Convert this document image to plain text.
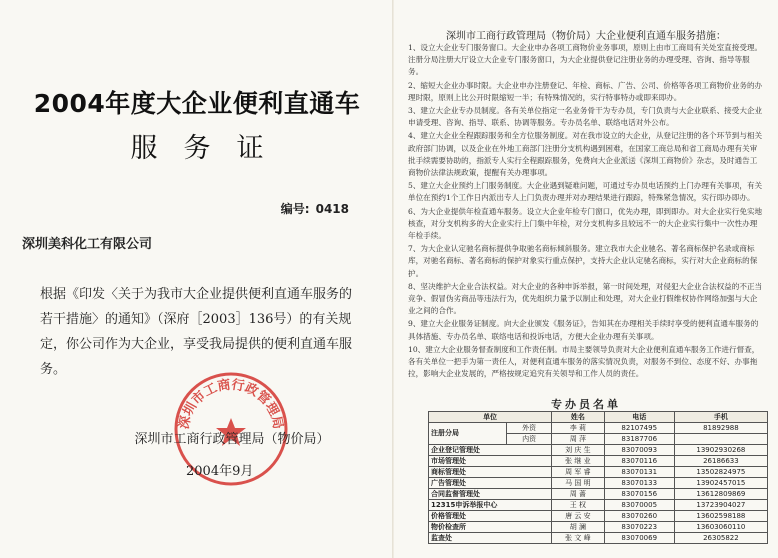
2004年度大企业便利直通车
服务证
编号: 0418
深圳美科化工有限公司
根据《印发〈关于为我市大企业提供便利直通车服务的若干措施〉的通知》（深府［2003］136号）的有关规定，你公司作为大企业，享受我局提供的便利直通车服务。
深圳市工商行政管理局
深圳市工商行政管理局（物价局）
2004年9月
深圳市工商行政管理局（物价局）大企业便利直通车服务措施：

1、设立大企业专门服务窗口。大企业申办各项工商物价业务事项，原则上由市工商局有关处室直接受理。注册分局注册大厅设立大企业专门服务窗口，为大企业提供登记注册业务的办理受理、咨询、指导等服务。

2、缩短大企业办事时限。大企业申办注册登记、年检、商标、广告、公司、价格等各项工商物价业务的办理时限，原则上比公开时限缩短一半；有特殊情况的，实行特事特办或即来即办。

3、建立大企业专办员制度。各有关单位指定一名业务骨干为专办员，专门负责与大企业联系、接受大企业申请受理、咨询、指导、联系、协调等服务。专办员名单、联络电话对外公布。

4、建立大企业全程跟踪服务和全方位服务制度。对在我市设立的大企业，从登记注册的各个环节到与相关政府部门协调，以及企业在外地工商部门注册分支机构遇到困难，在国家工商总局和省工商局办理有关审批手续需要协助的，指派专人实行全程跟踪服务，免费向大企业派送《深圳工商物价》杂志，及时通告工商物价法律法规政策，提醒有关办理事项。

5、建立大企业预约上门服务制度。大企业遇到疑难问题，可通过专办员电话预约上门办理有关事项，有关单位在预约1个工作日内派出专人上门负责办理并对办理结果进行跟踪，特殊紧急情况，实行即办即办。

6、为大企业提供年检直通车服务。设立大企业年检专门窗口，优先办理，即到即办。对大企业实行免实地核查，对分支机构多的大企业实行上门集中年检，对分支机构多且较远不一的大企业实行集中一次性办理年检手续。

7、为大企业认定驰名商标提供争取驰名商标倾斜服务。建立我市大企业驰名、著名商标保护名录或商标库，对驰名商标、著名商标的保护对象实行重点保护，支持大企业认定驰名商标，实行对大企业商标的保护。

8、坚决维护大企业合法权益。对大企业的各种申诉举报，第一时间处理，对侵犯大企业合法权益的不正当竞争、假冒伪劣商品等违法行为，优先组织力量予以制止和处理，对大企业打假维权协作网络加强与大企业之间的合作。

9、建立大企业服务证制度。向大企业颁发《服务证》，告知其在办理相关手续时享受的便利直通车服务的具体措施、专办员名单、联络电话和投诉电话，方便大企业办理有关事项。

10、建立大企业服务督查制度和工作责任制。市局主要领导负责对大企业便利直通车服务工作进行督查，各有关单位一把手为第一责任人，对便利直通车服务的落实情况负责，对服务不到位、态度不好、办事拖拉，影响大企业发展的，严格按规定追究有关领导和工作人员的责任。

专办员名单
单位		姓名	电话	手机
注册分局	外资	李 莉	82107495	81892988
	内资	周 萍	83187706	
企业登记管理处		刘 庆 生	83070093	13902930268
市场管理处		张 继 业	83070116	26186633
商标管理处		周 军 睿	83070131	13502824975
广告管理处		马 国 明	83070133	13902457015
合同监督管理处		周 蔷	83070156	13612809869
12315申诉举报中心		王 权	83070005	13723904027
价格管理处		唐 云 安	83070260	13602598188
物价检查所		胡 澜	83070223	13603060110
监查处		张 文 峰	83070069	26305822
